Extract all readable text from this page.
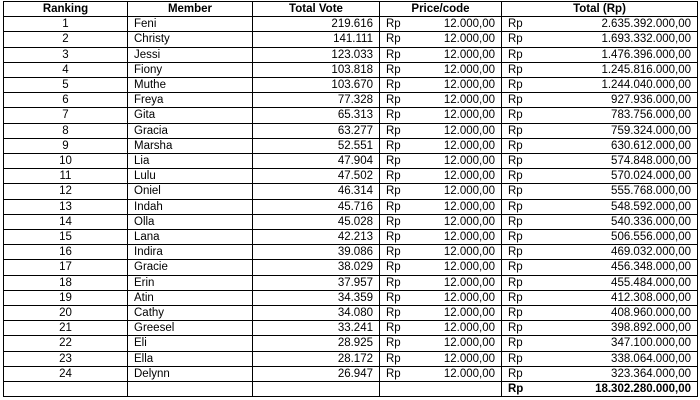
Ranking	Member	Total Vote	Price/code	Total (Rp)
1	Feni	219.616	Rp 12.000,00	Rp 2.635.392.000,00

2	Christy	141.111	Rp 12.000,00	Rp 1.693.332.000,00

3	Jessi	123.033	Rp 12.000,00	Rp 1.476.396.000,00

4	Fiony	103.818	Rp 12.000,00	Rp 1.245.816.000,00

5	Muthe	103.670	Rp 12.000,00	Rp 1.244.040.000,00

6	Freya	77.328	Rp 12.000,00	Rp 927.936.000,00

7	Gita	65.313	Rp 12.000,00	Rp 783.756.000,00

8	Gracia	63.277	Rp 12.000,00	Rp 759.324.000,00

9	Marsha	52.551	Rp 12.000,00	Rp 630.612.000,00

10	Lia	47.904	Rp 12.000,00	Rp 574.848.000,00

11	Lulu	47.502	Rp 12.000,00	Rp 570.024.000,00

12	Oniel	46.314	Rp 12.000,00	Rp 555.768.000,00

13	Indah	45.716	Rp 12.000,00	Rp 548.592.000,00

14	Olla	45.028	Rp 12.000,00	Rp 540.336.000,00

15	Lana	42.213	Rp 12.000,00	Rp 506.556.000,00

16	Indira	39.086	Rp 12.000,00	Rp 469.032.000,00

17	Gracie	38.029	Rp 12.000,00	Rp 456.348.000,00

18	Erin	37.957	Rp 12.000,00	Rp 455.484.000,00

19	Atin	34.359	Rp 12.000,00	Rp 412.308.000,00

20	Cathy	34.080	Rp 12.000,00	Rp 408.960.000,00

21	Greesel	33.241	Rp 12.000,00	Rp 398.892.000,00

22	Eli	28.925	Rp 12.000,00	Rp 347.100.000,00

23	Ella	28.172	Rp 12.000,00	Rp 338.064.000,00

24	Delynn	26.947	Rp 12.000,00	Rp 323.364.000,00

				Rp 18.302.280.000,00
